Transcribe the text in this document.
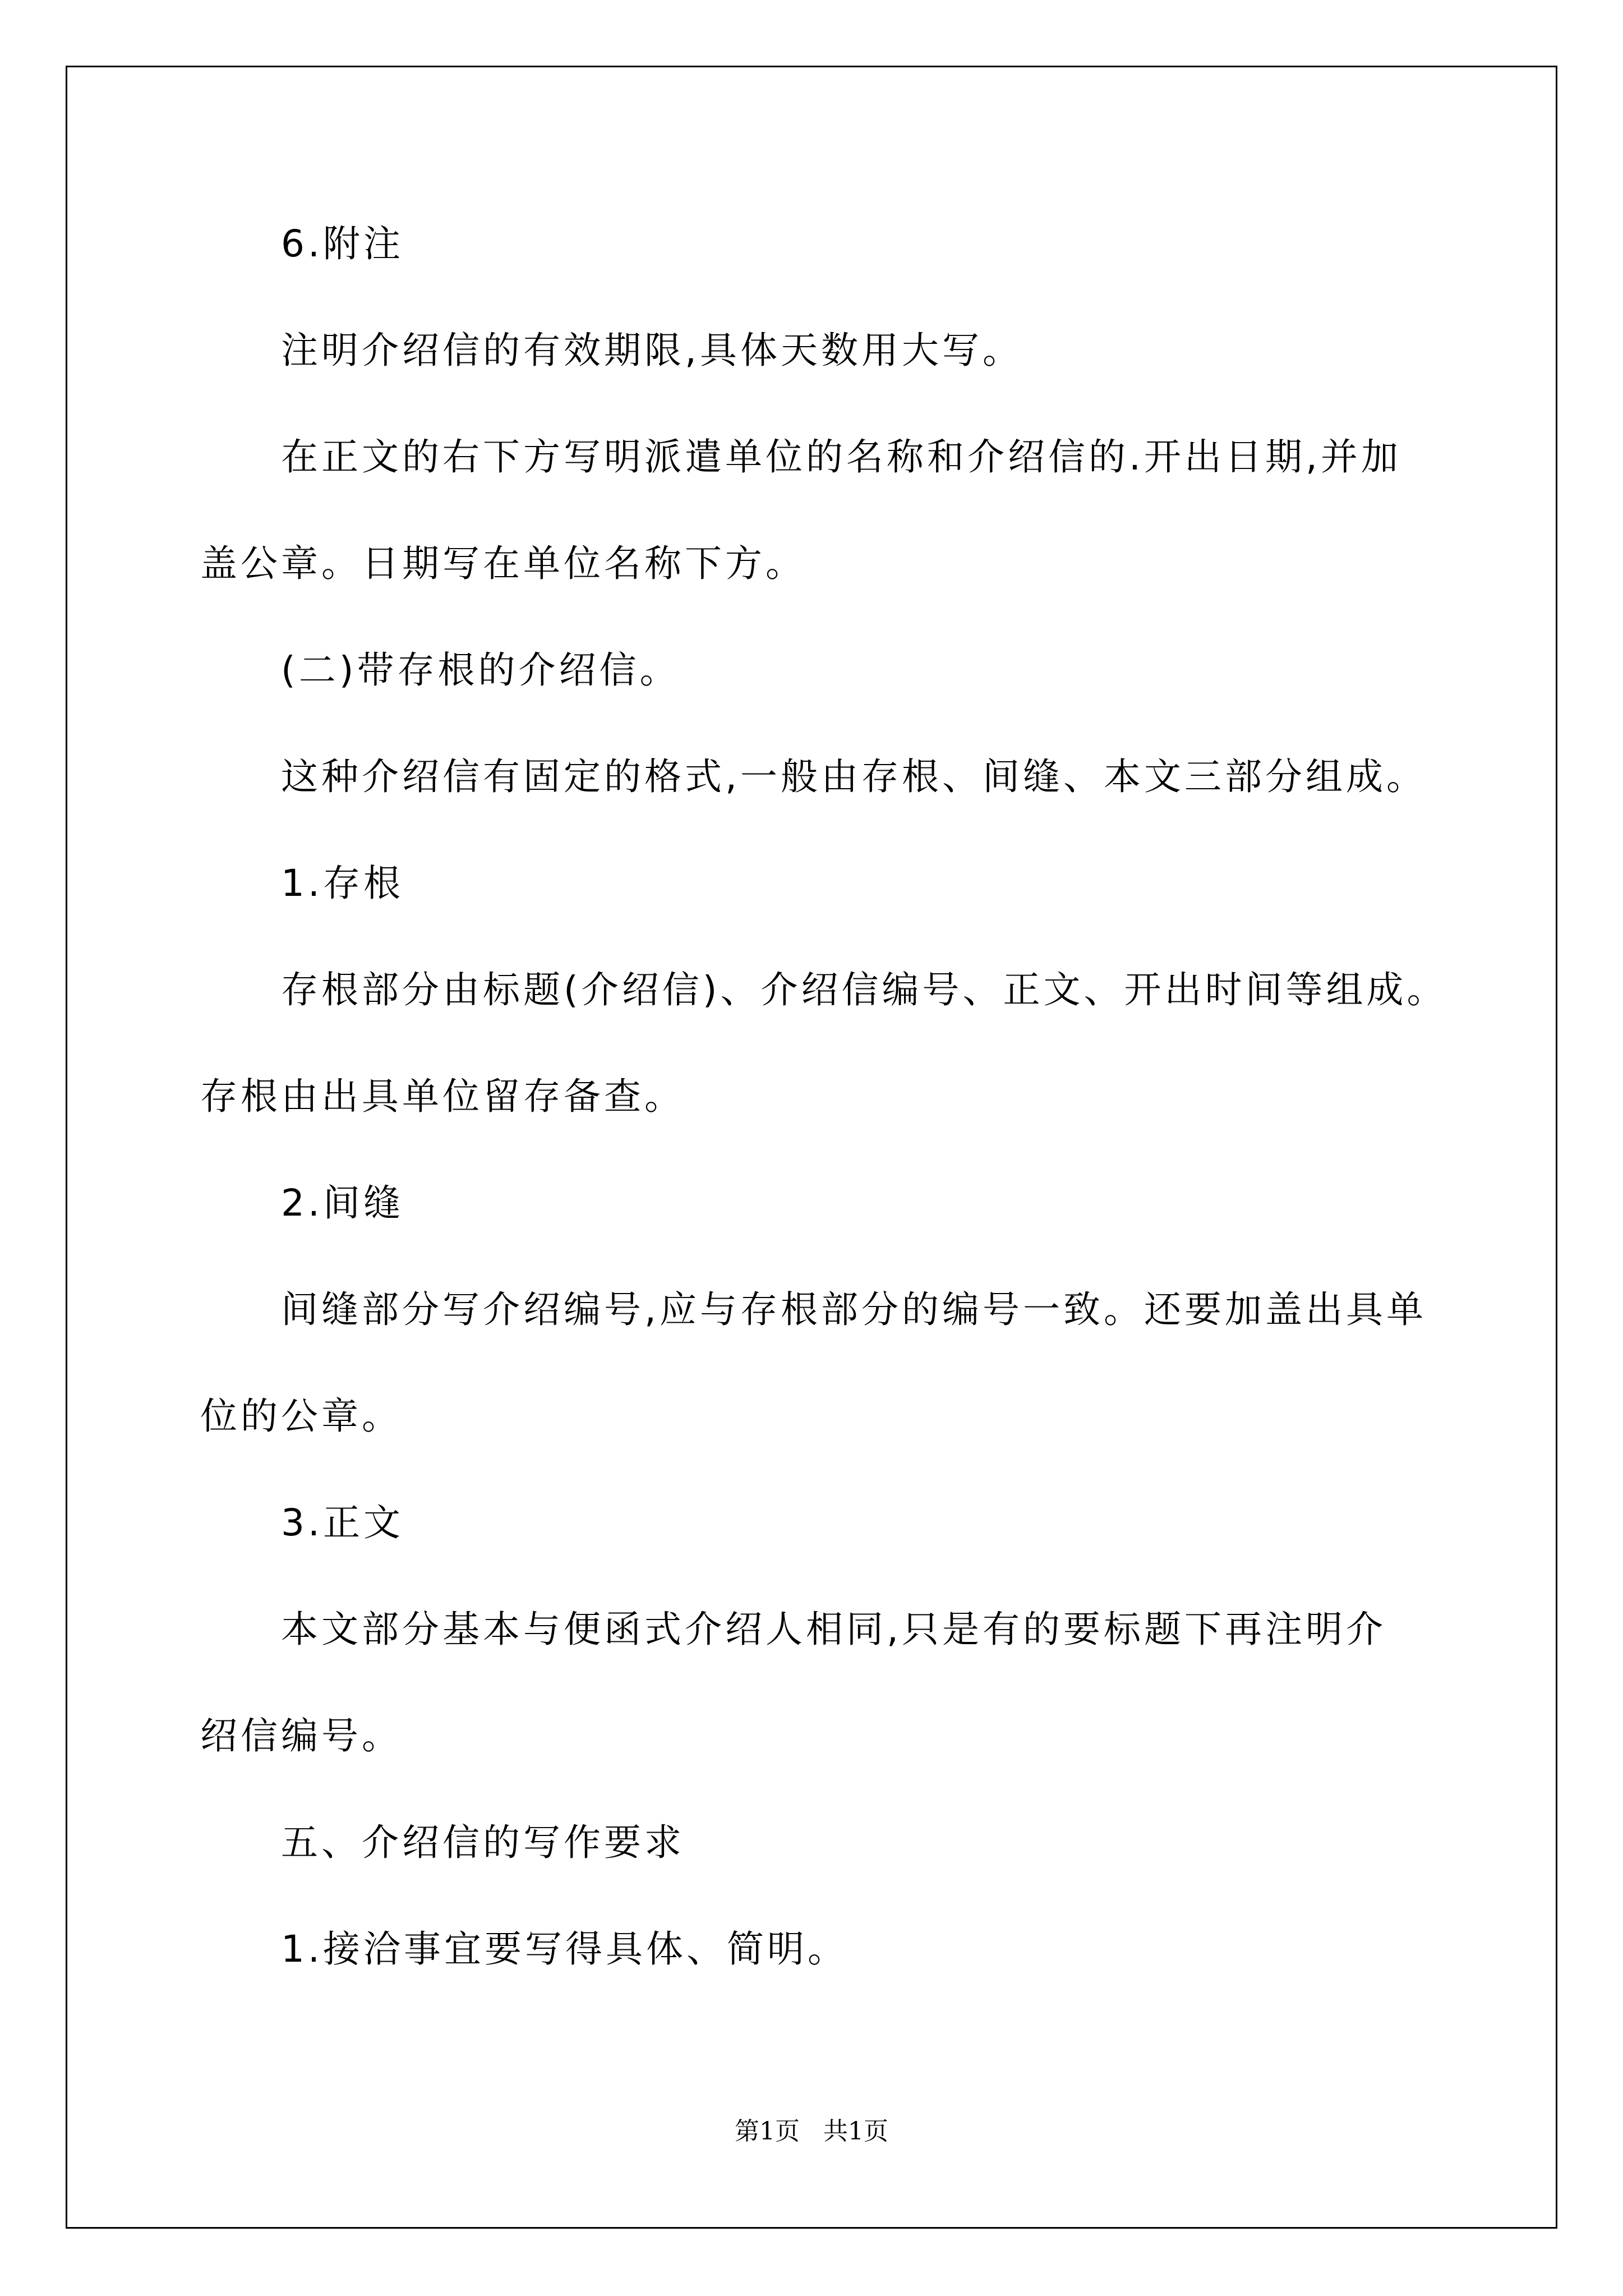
6.附注
注明介绍信的有效期限,具体天数用大写。
在正文的右下方写明派遣单位的名称和介绍信的.开出日期,并加
盖公章。日期写在单位名称下方。
(二)带存根的介绍信。
这种介绍信有固定的格式,一般由存根、间缝、本文三部分组成。
1.存根
存根部分由标题(介绍信)、介绍信编号、正文、开出时间等组成。
存根由出具单位留存备查。
2.间缝
间缝部分写介绍编号,应与存根部分的编号一致。还要加盖出具单
位的公章。
3.正文
本文部分基本与便函式介绍人相同,只是有的要标题下再注明介
绍信编号。
五、介绍信的写作要求
1.接洽事宜要写得具体、简明。
第1页   共1页
